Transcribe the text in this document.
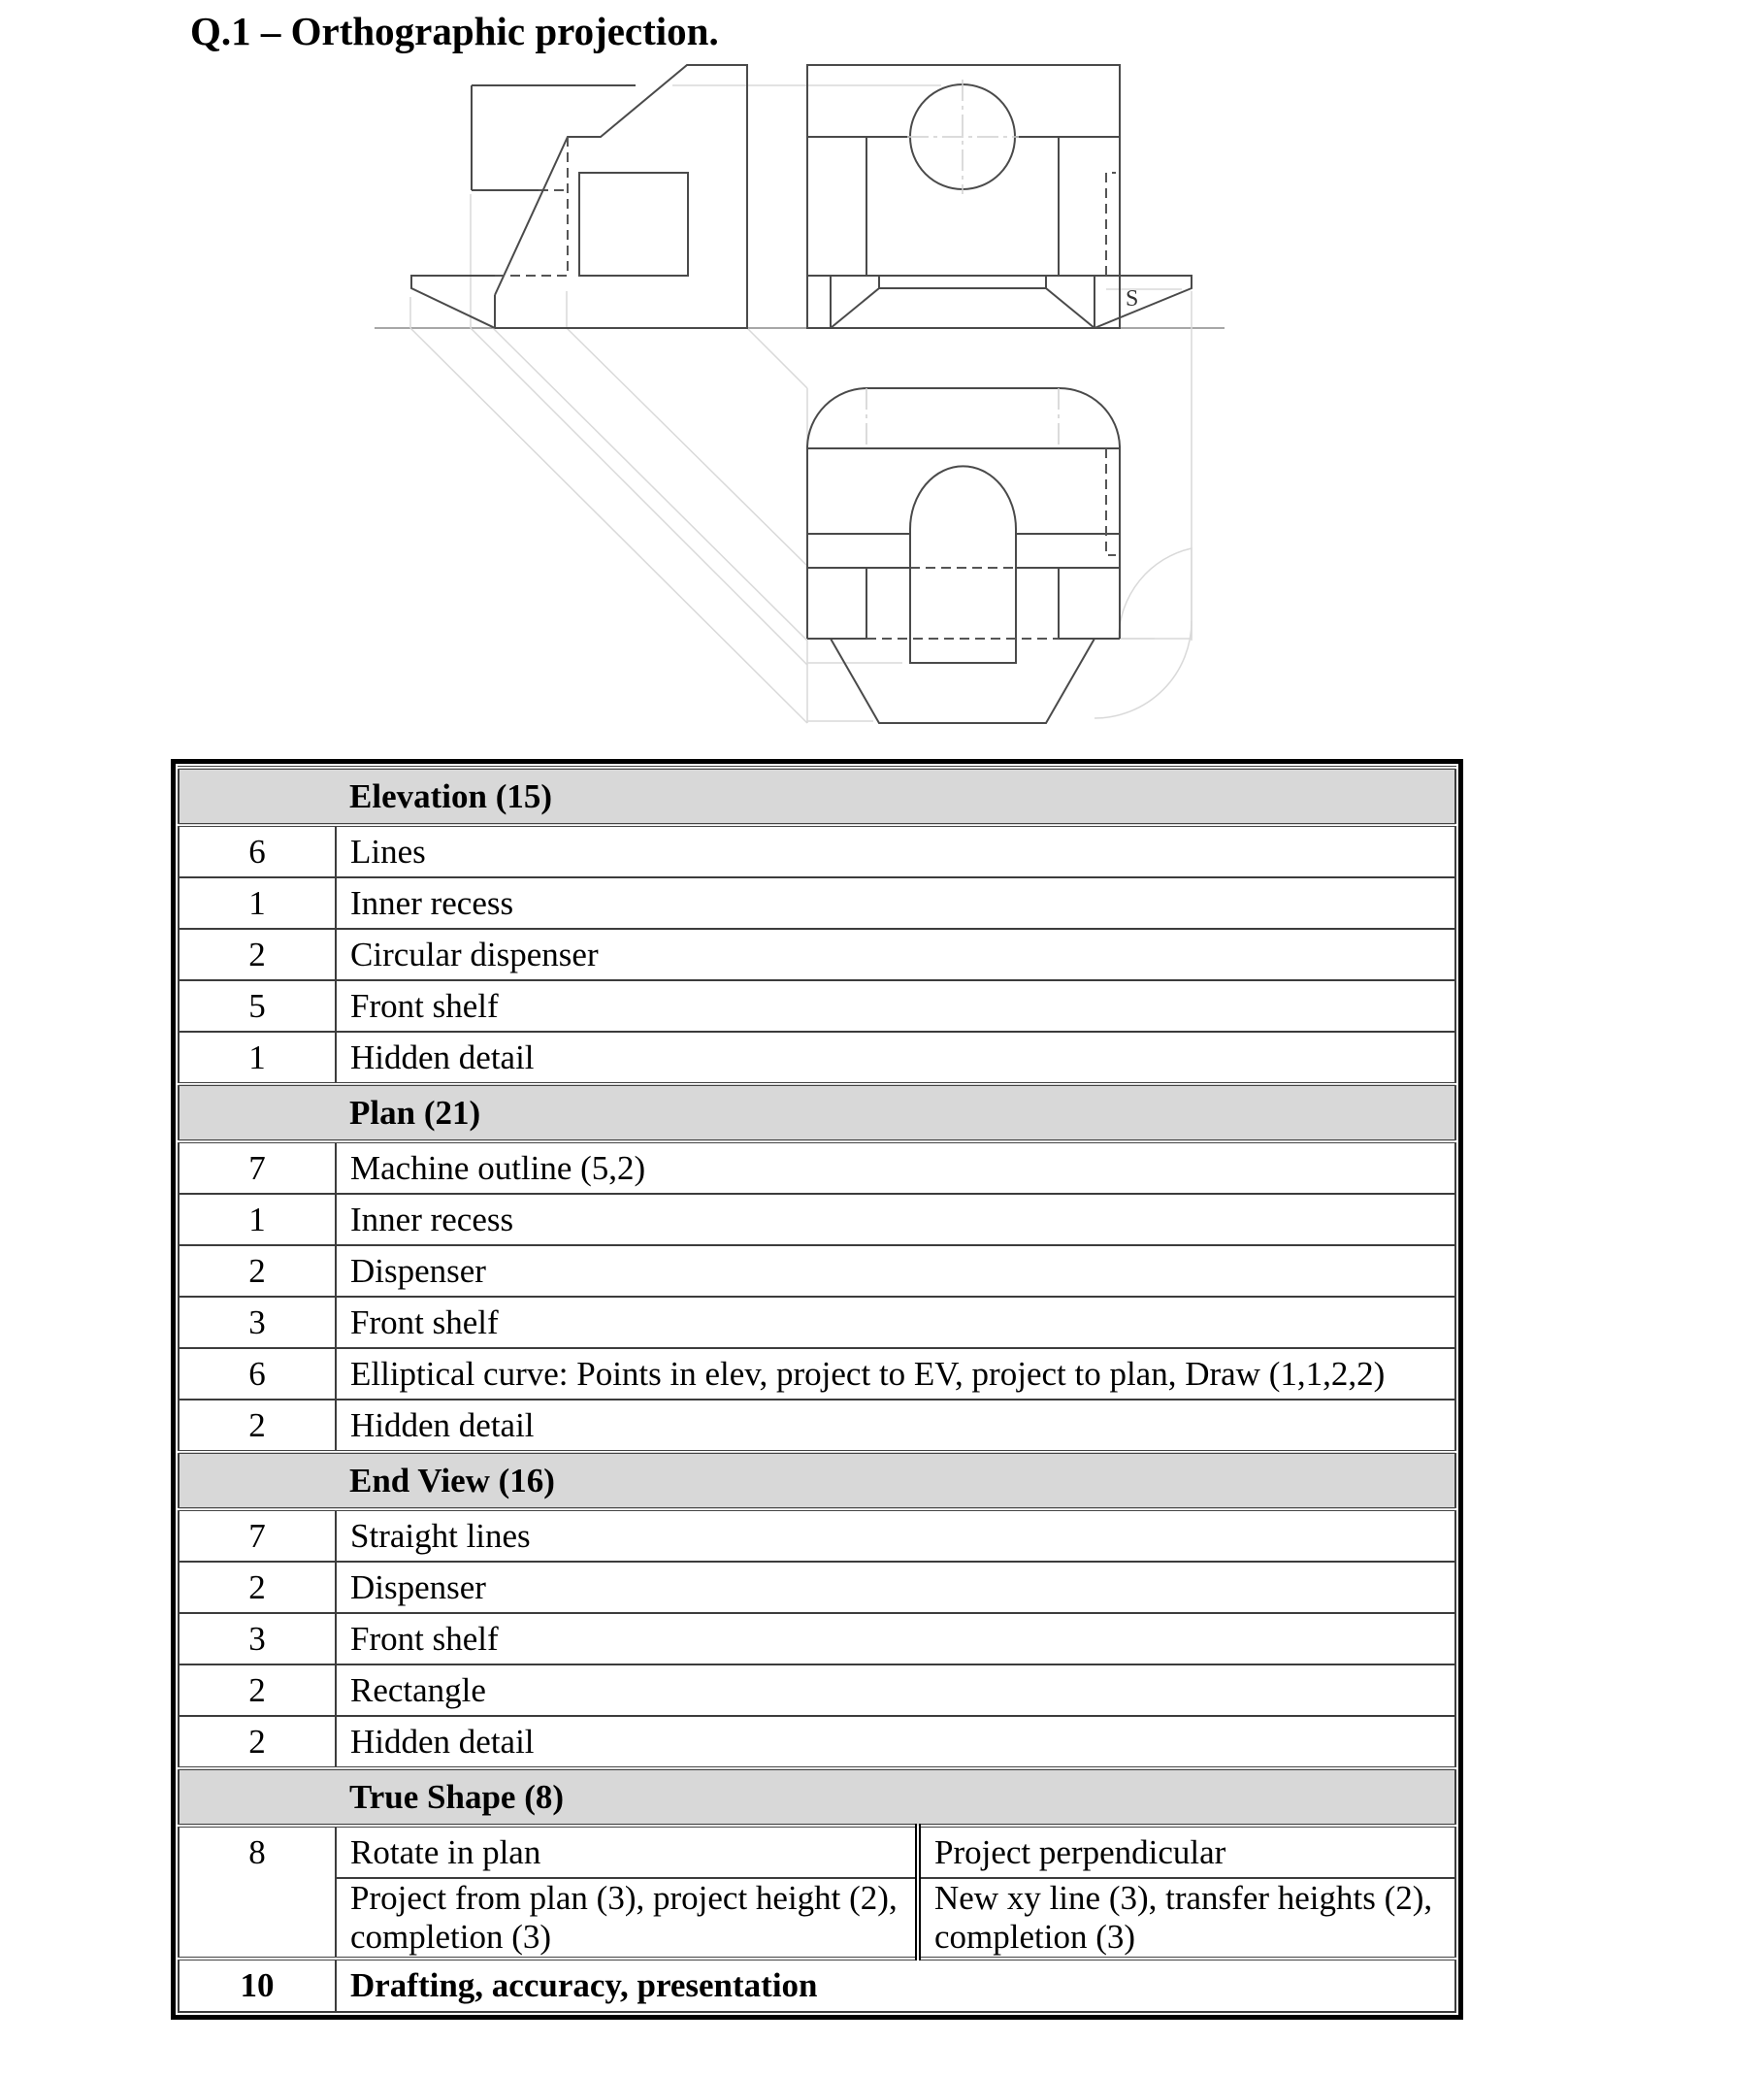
Q.1 – Orthographic projection.
S
	Elevation (15)	
6	Lines	
1	Inner recess	
2	Circular dispenser	
5	Front shelf	
1	Hidden detail	
	Plan (21)	
7	Machine outline (5,2)	
1	Inner recess	
2	Dispenser	
3	Front shelf	
6	Elliptical curve: Points in elev, project to EV, project to plan, Draw (1,1,2,2)	
2	Hidden detail	
	End View (16)	
7	Straight lines	
2	Dispenser	
3	Front shelf	
2	Rectangle	
2	Hidden detail	
	True Shape (8)	
8	Rotate in plan	Project perpendicular
	Project from plan (3), project height (2), completion (3)	New xy line (3), transfer heights (2), completion (3)
10	Drafting, accuracy, presentation	
